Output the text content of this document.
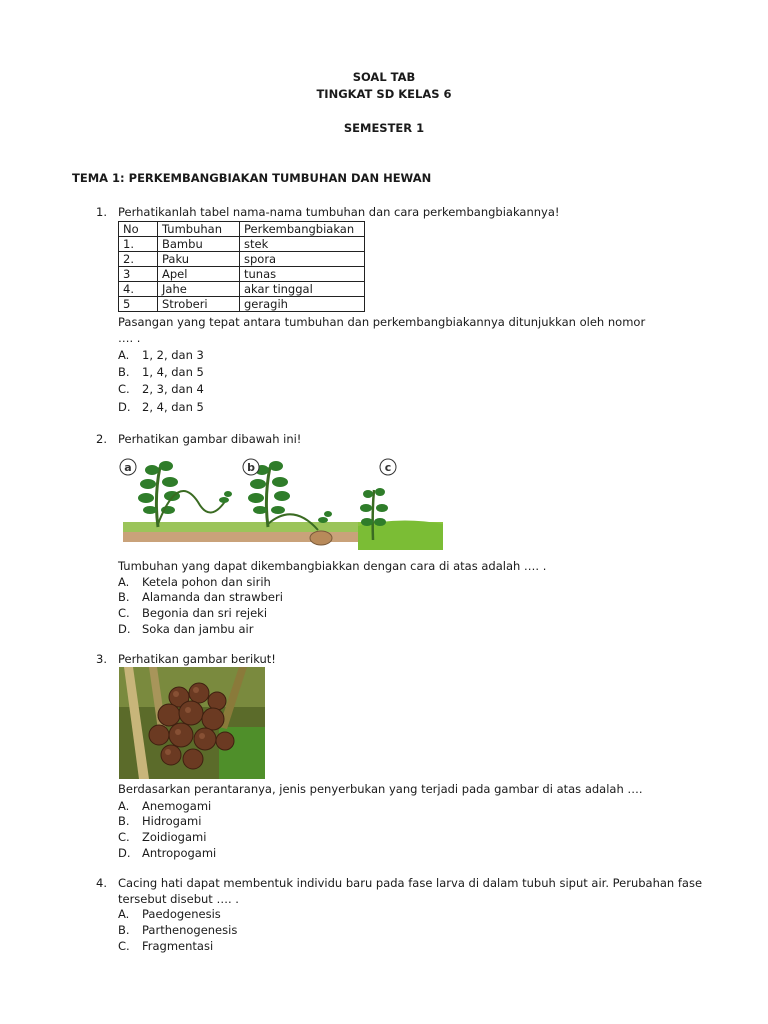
SOAL TAB
TINGKAT SD KELAS 6
SEMESTER 1
TEMA 1: PERKEMBANGBIAKAN TUMBUHAN DAN HEWAN
1. Perhatikanlah tabel nama-nama tumbuhan dan cara perkembangbiakannya!
No	Tumbuhan	Perkembangbiakan
1.	Bambu	stek
2.	Paku	spora
3	Apel	tunas
4.	Jahe	akar tinggal
5	Stroberi	geragih
Pasangan yang tepat antara tumbuhan dan perkembangbiakannya ditunjukkan oleh nomor
…. .
A. 1, 2, dan 3
B. 1, 4, dan 5
C. 2, 3, dan 4
D. 2, 4, dan 5
2. Perhatikan gambar dibawah ini!
a	b	c
Tumbuhan yang dapat dikembangbiakkan dengan cara di atas adalah …. .
A. Ketela pohon dan sirih
B. Alamanda dan strawberi
C. Begonia dan sri rejeki
D. Soka dan jambu air
3. Perhatikan gambar berikut!
Berdasarkan perantaranya, jenis penyerbukan yang terjadi pada gambar di atas adalah ….
A. Anemogami
B. Hidrogami
C. Zoidiogami
D. Antropogami
4. Cacing hati dapat membentuk individu baru pada fase larva di dalam tubuh siput air. Perubahan fase
tersebut disebut …. .
A. Paedogenesis
B. Parthenogenesis
C. Fragmentasi
